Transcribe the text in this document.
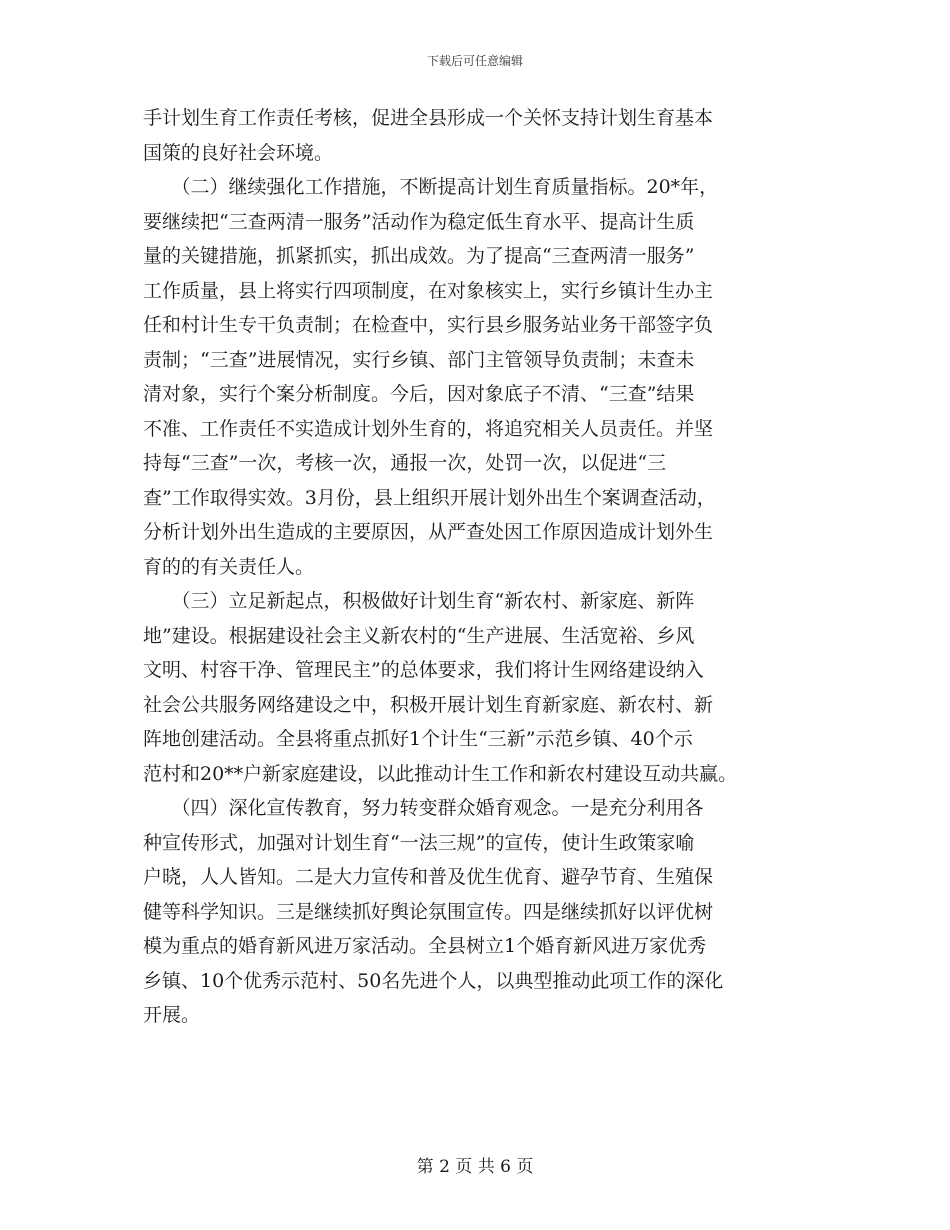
下载后可任意编辑
手计划生育工作责任考核，促进全县形成一个关怀支持计划生育基本
国策的良好社会环境。
　　（二）继续强化工作措施，不断提高计划生育质量指标。20*年，
要继续把“三查两清一服务”活动作为稳定低生育水平、提高计生质
量的关键措施，抓紧抓实，抓出成效。为了提高“三查两清一服务”
工作质量，县上将实行四项制度，在对象核实上，实行乡镇计生办主
任和村计生专干负责制；在检查中，实行县乡服务站业务干部签字负
责制；“三查”进展情况，实行乡镇、部门主管领导负责制；未查未
清对象，实行个案分析制度。今后，因对象底子不清、“三查”结果
不准、工作责任不实造成计划外生育的，将追究相关人员责任。并坚
持每“三查”一次，考核一次，通报一次，处罚一次，以促进“三
查”工作取得实效。3月份，县上组织开展计划外出生个案调查活动，
分析计划外出生造成的主要原因，从严查处因工作原因造成计划外生
育的的有关责任人。
　　（三）立足新起点，积极做好计划生育“新农村、新家庭、新阵
地”建设。根据建设社会主义新农村的“生产进展、生活宽裕、乡风
文明、村容干净、管理民主”的总体要求，我们将计生网络建设纳入
社会公共服务网络建设之中，积极开展计划生育新家庭、新农村、新
阵地创建活动。全县将重点抓好1个计生“三新”示范乡镇、40个示
范村和20**户新家庭建设，以此推动计生工作和新农村建设互动共赢。
　　（四）深化宣传教育，努力转变群众婚育观念。一是充分利用各
种宣传形式，加强对计划生育“一法三规”的宣传，使计生政策家喻
户晓，人人皆知。二是大力宣传和普及优生优育、避孕节育、生殖保
健等科学知识。三是继续抓好舆论氛围宣传。四是继续抓好以评优树
模为重点的婚育新风进万家活动。全县树立1个婚育新风进万家优秀
乡镇、10个优秀示范村、50名先进个人，以典型推动此项工作的深化
开展。
第 2 页 共 6 页
